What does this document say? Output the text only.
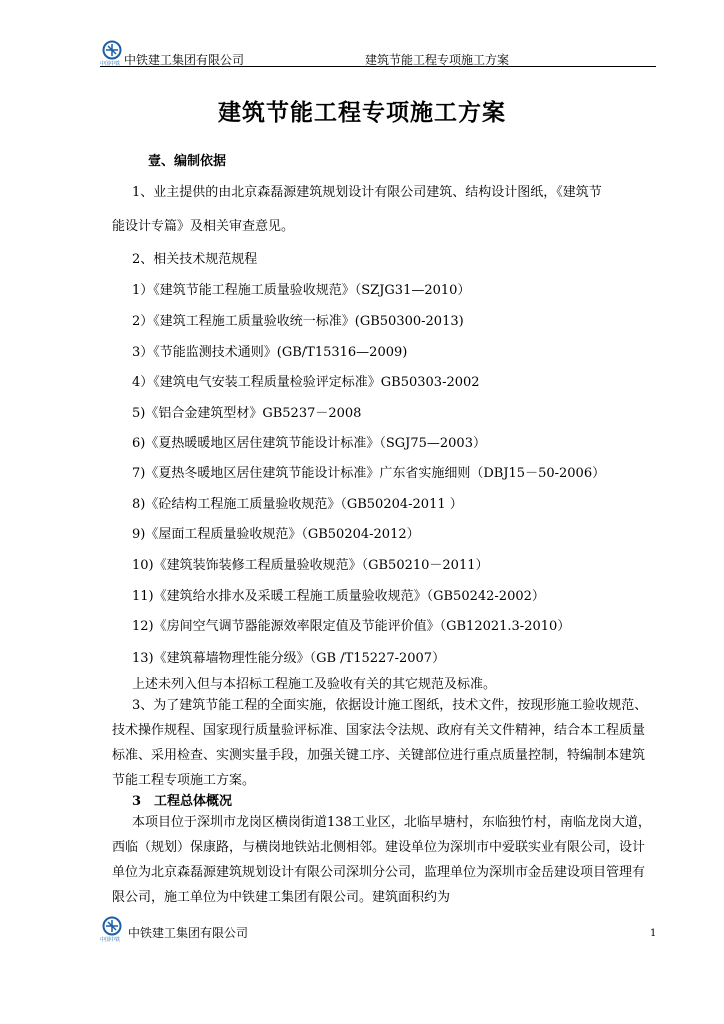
中国中铁 中铁建工集团有限公司	建筑节能工程专项施工方案
建筑节能工程专项施工方案
壹、编制依据
1、业主提供的由北京森磊源建筑规划设计有限公司建筑、结构设计图纸，《建筑节
能设计专篇》及相关审查意见。
2、相关技术规范规程
1）《建筑节能工程施工质量验收规范》（SZJG31—2010）
2）《建筑工程施工质量验收统一标准》(GB50300-2013)
3）《节能监测技术通则》(GB/T15316—2009)
4）《建筑电气安装工程质量检验评定标准》GB50303-2002
5)《铝合金建筑型材》GB5237－2008
6)《夏热暖暖地区居住建筑节能设计标准》（SGJ75—2003）
7)《夏热冬暖地区居住建筑节能设计标准》广东省实施细则（DBJ15－50-2006）
8)《砼结构工程施工质量验收规范》（GB50204-2011 ）
9)《屋面工程质量验收规范》（GB50204-2012）
10)《建筑装饰装修工程质量验收规范》（GB50210－2011）
11)《建筑给水排水及采暖工程施工质量验收规范》（GB50242-2002）
12)《房间空气调节器能源效率限定值及节能评价值》（GB12021.3-2010）
13)《建筑幕墙物理性能分级》（GB /T15227-2007）
上述未列入但与本招标工程施工及验收有关的其它规范及标准。
3、为了建筑节能工程的全面实施，依据设计施工图纸，技术文件，按现形施工验收规范、技术操作规程、国家现行质量验评标准、国家法令法规、政府有关文件精神，结合本工程质量标准、采用检查、实测实量手段，加强关键工序、关键部位进行重点质量控制，特编制本建筑节能工程专项施工方案。
3　工程总体概况
本项目位于深圳市龙岗区横岗街道138工业区，北临早塘村，东临独竹村，南临龙岗大道，西临（规划）保康路，与横岗地铁站北侧相邻。建设单位为深圳市中爱联实业有限公司，设计单位为北京森磊源建筑规划设计有限公司深圳分公司，监理单位为深圳市金岳建设项目管理有限公司，施工单位为中铁建工集团有限公司。建筑面积约为
中国中铁 中铁建工集团有限公司	1
